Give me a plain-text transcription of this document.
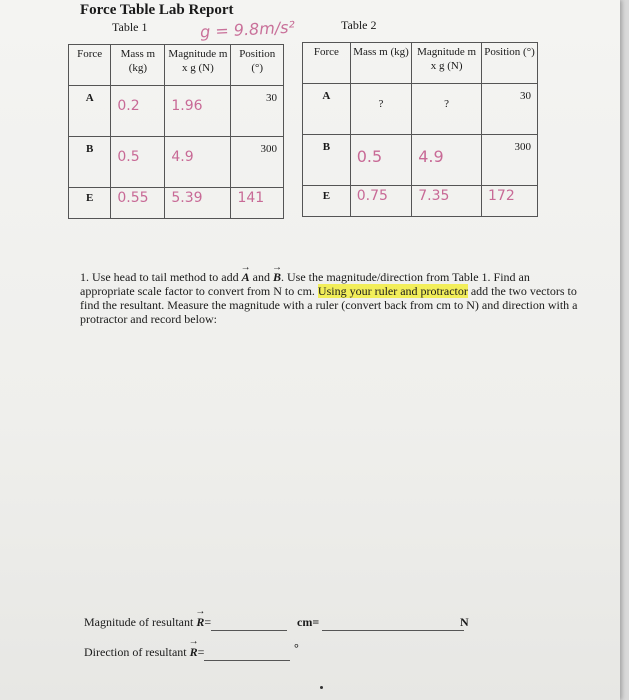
Force Table Lab Report
Table 1	Table 2
g = 9.8m/s²
Force	Mass m (kg)	Magnitude m x g (N)	Position (°)
A	0.2	1.96	30
B	0.5	4.9	300
E	0.55	5.39	141
Force	Mass m (kg)	Magnitude m x g (N)	Position (°)
A	?	?	30
B	0.5	4.9	300
E	0.75	7.35	172
1. Use head to tail method to add → A and → B. Use the magnitude/direction from Table 1. Find an appropriate scale factor to convert from N to cm. Using your ruler and protractor add the two vectors to find the resultant. Measure the magnitude with a ruler (convert back from cm to N) and direction with a protractor and record below:
Magnitude of resultant → R=	cm=
	N
Direction of resultant → R=	°
